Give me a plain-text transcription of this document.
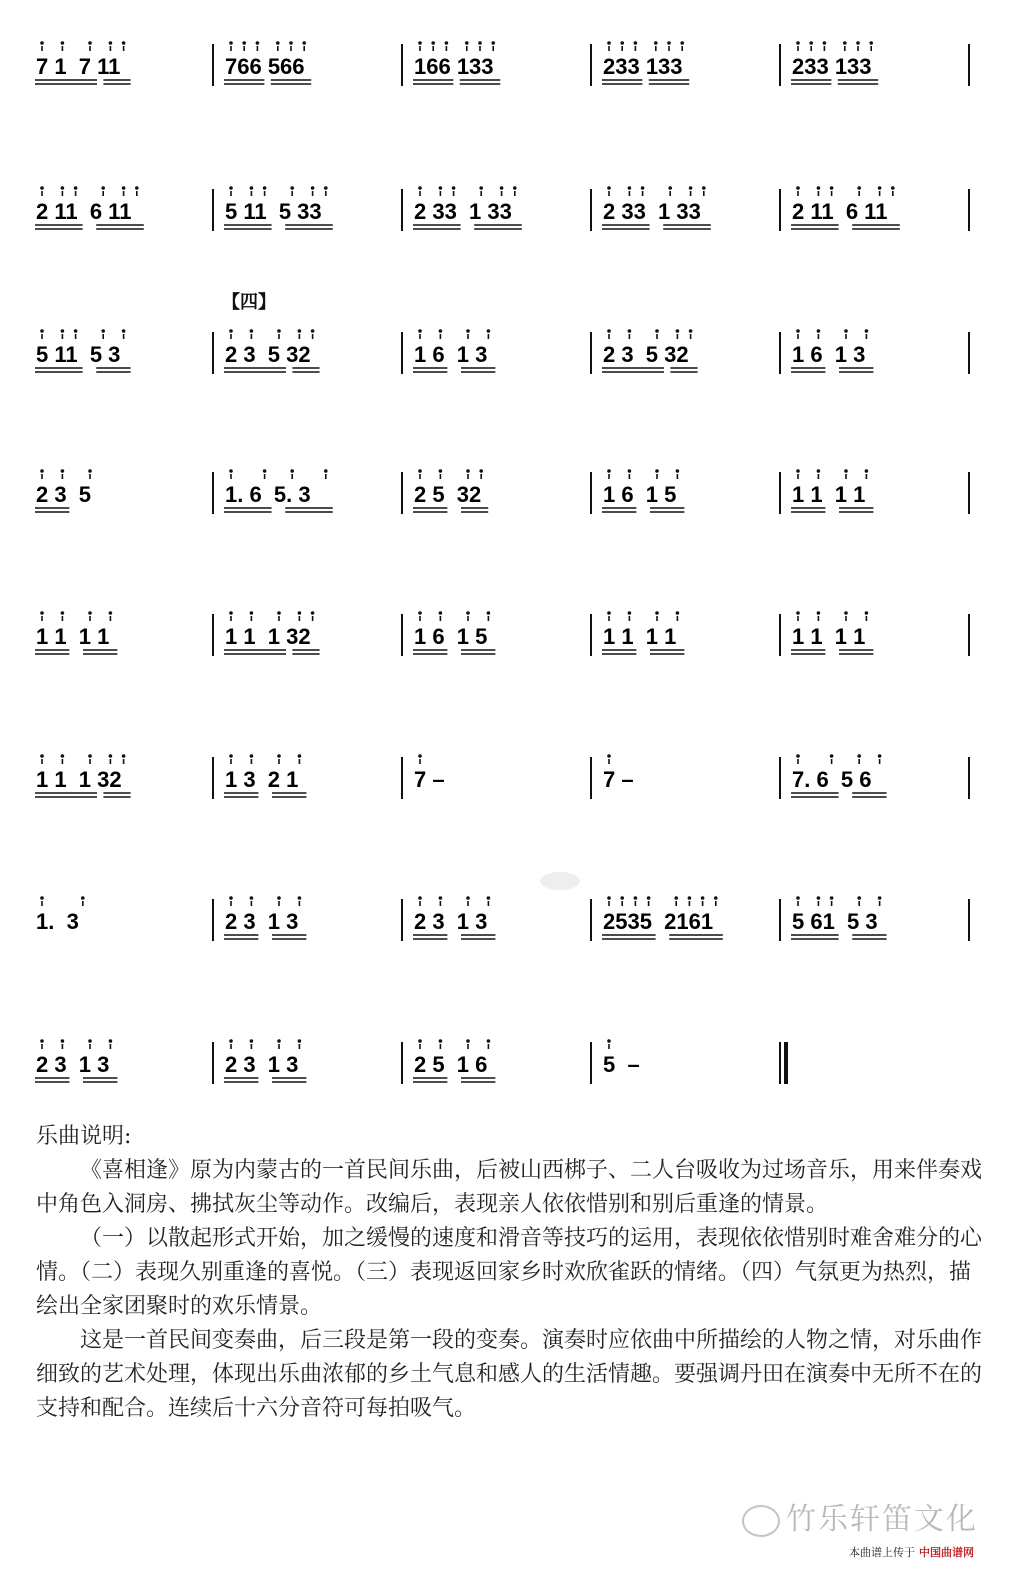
【四】
7 1  7 11	766 566	166 133	233 133	233 133
2 11  6 11	5 11  5 33	2 33  1 33	2 33  1 33	2 11  6 11
5 11  5 3	2 3  5 32	1 6  1 3	2 3  5 32	1 6  1 3
2 3  5	1. 6  5. 3	2 5  32	1 6  1 5	1 1  1 1
1 1  1 1	1 1  1 32	1 6  1 5	1 1  1 1	1 1  1 1
1 1  1 32	1 3  2 1	7 –	7 –	7. 6  5 6
1.  3	2 3  1 3	2 3  1 3	2535  2161	5 61  5 3
2 3  1 3	2 3  1 3	2 5  1 6	5  –

乐曲说明:

《喜相逢》原为内蒙古的一首民间乐曲，后被山西梆子、二人台吸收为过场音乐，用来伴奏戏中角色入洞房、拂拭灰尘等动作。改编后，表现亲人依依惜别和别后重逢的情景。

（一）以散起形式开始，加之缓慢的速度和滑音等技巧的运用，表现依依惜别时难舍难分的心情。（二）表现久别重逢的喜悦。（三）表现返回家乡时欢欣雀跃的情绪。（四）气氛更为热烈，描绘出全家团聚时的欢乐情景。

这是一首民间变奏曲，后三段是第一段的变奏。演奏时应依曲中所描绘的人物之情，对乐曲作细致的艺术处理，体现出乐曲浓郁的乡土气息和感人的生活情趣。要强调丹田在演奏中无所不在的支持和配合。连续后十六分音符可每拍吸气。

竹乐轩笛文化
本曲谱上传于 中国曲谱网
